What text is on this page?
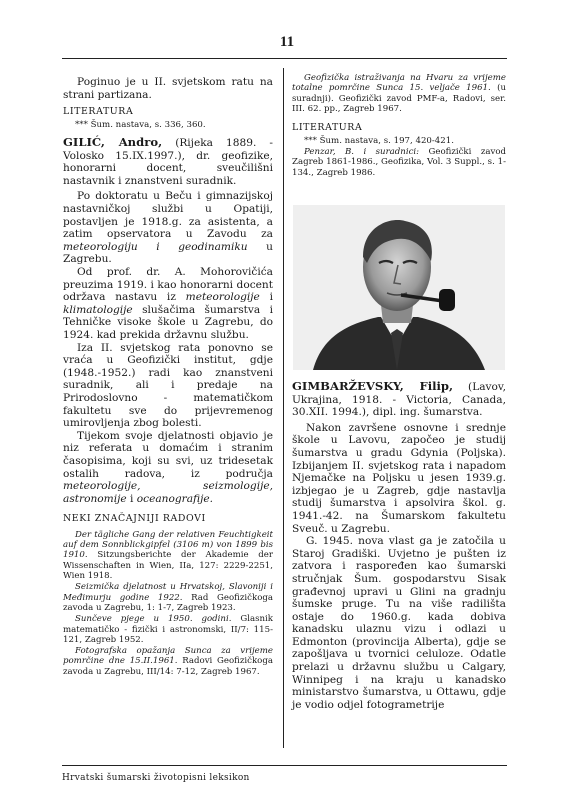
11

Poginuo je u II. svjetskom ratu na strani partizana.

LITERATURA

*** Šum. nastava, s. 336, 360.

GILIĆ, Andro, (Rijeka 1889. - Volosko 15.IX.1997.), dr. geofizike, honorarni docent, sveučilišni nastavnik i znanstveni suradnik.

Po doktoratu u Beču i gimnazijskoj nastavničkoj službi u Opatiji, postavljen je 1918.g. za asistenta, a zatim opservatora u Zavodu za meteorologiju i geodinamiku u Zagrebu.

Od prof. dr. A. Mohorovičića preuzima 1919. i kao honorarni docent održava nastavu iz meteorologije i klimatologije slušačima šumarstva i Tehničke visoke škole u Zagrebu, do 1924. kad prekida državnu službu.

Iza II. svjetskog rata ponovno se vraća u Geofizički institut, gdje (1948.-1952.) radi kao znanstveni suradnik, ali i predaje na Prirodoslovno - matematičkom fakultetu sve do prijevremenog umirovljenja zbog bolesti.

Tijekom svoje djelatnosti objavio je niz referata u domaćim i stranim časopisima, koji su svi, uz tridesetak ostalih radova, iz područja meteorologije, seizmologije, astronomije i oceanografije.

NEKI ZNAČAJNIJI RADOVI

Der tägliche Gang der relativen Feuchtigkeit auf dem Sonnblickgipfel (3106 m) von 1899 bis 1910. Sitzungsberichte der Akademie der Wissenschaften in Wien, IIa, 127: 2229-2251, Wien 1918.

Seizmička djelatnost u Hrvatskoj, Slavoniji i Međimurju godine 1922. Rad Geofizičkoga zavoda u Zagrebu, 1: 1-7, Zagreb 1923.

Sunčeve pjege u 1950. godini. Glasnik matematičko - fizički i astronomski, II/7: 115-121, Zagreb 1952.

Fotografska opažanja Sunca za vrijeme pomrčine dne 15.II.1961. Radovi Geofizičkoga zavoda u Zagrebu, III/14: 7-12, Zagreb 1967.

Geofizička istraživanja na Hvaru za vrijeme totalne pomrčine Sunca 15. veljače 1961. (u suradnji). Geofizički zavod PMF-a, Radovi, ser. III. 62. pp., Zagreb 1967.

LITERATURA

*** Šum. nastava, s. 197, 420-421.

Penzar, B. i suradnici: Geofizički zavod Zagreb 1861-1986., Geofizika, Vol. 3 Suppl., s. 1-134., Zagreb 1986.

GIMBARŽEVSKY, Filip, (Lavov, Ukrajina, 1918. - Victoria, Canada, 30.XII. 1994.), dipl. ing. šumarstva.

Nakon završene osnovne i srednje škole u Lavovu, započeo je studij šumarstva u gradu Gdynia (Poljska). Izbijanjem II. svjetskog rata i napadom Njemačke na Poljsku u jesen 1939.g. izbjegao je u Zagreb, gdje nastavlja studij šumarstva i apsolvira škol. g. 1941.-42. na Šumarskom fakultetu Sveuč. u Zagrebu.

G. 1945. nova vlast ga je zatočila u Staroj Gradiški. Uvjetno je pušten iz zatvora i raspoređen kao šumarski stručnjak Šum. gospodarstvu Sisak građevnoj upravi u Glini na gradnju šumske pruge. Tu na više radilišta ostaje do 1960.g. kada dobiva kanadsku ulaznu vizu i odlazi u Edmonton (provincija Alberta), gdje se zapošljava u tvornici celuloze. Odatle prelazi u državnu službu u Calgary, Winnipeg i na kraju u kanadsko ministarstvo šumarstva, u Ottawu, gdje je vodio odjel fotogrametrije

Hrvatski šumarski životopisni leksikon
